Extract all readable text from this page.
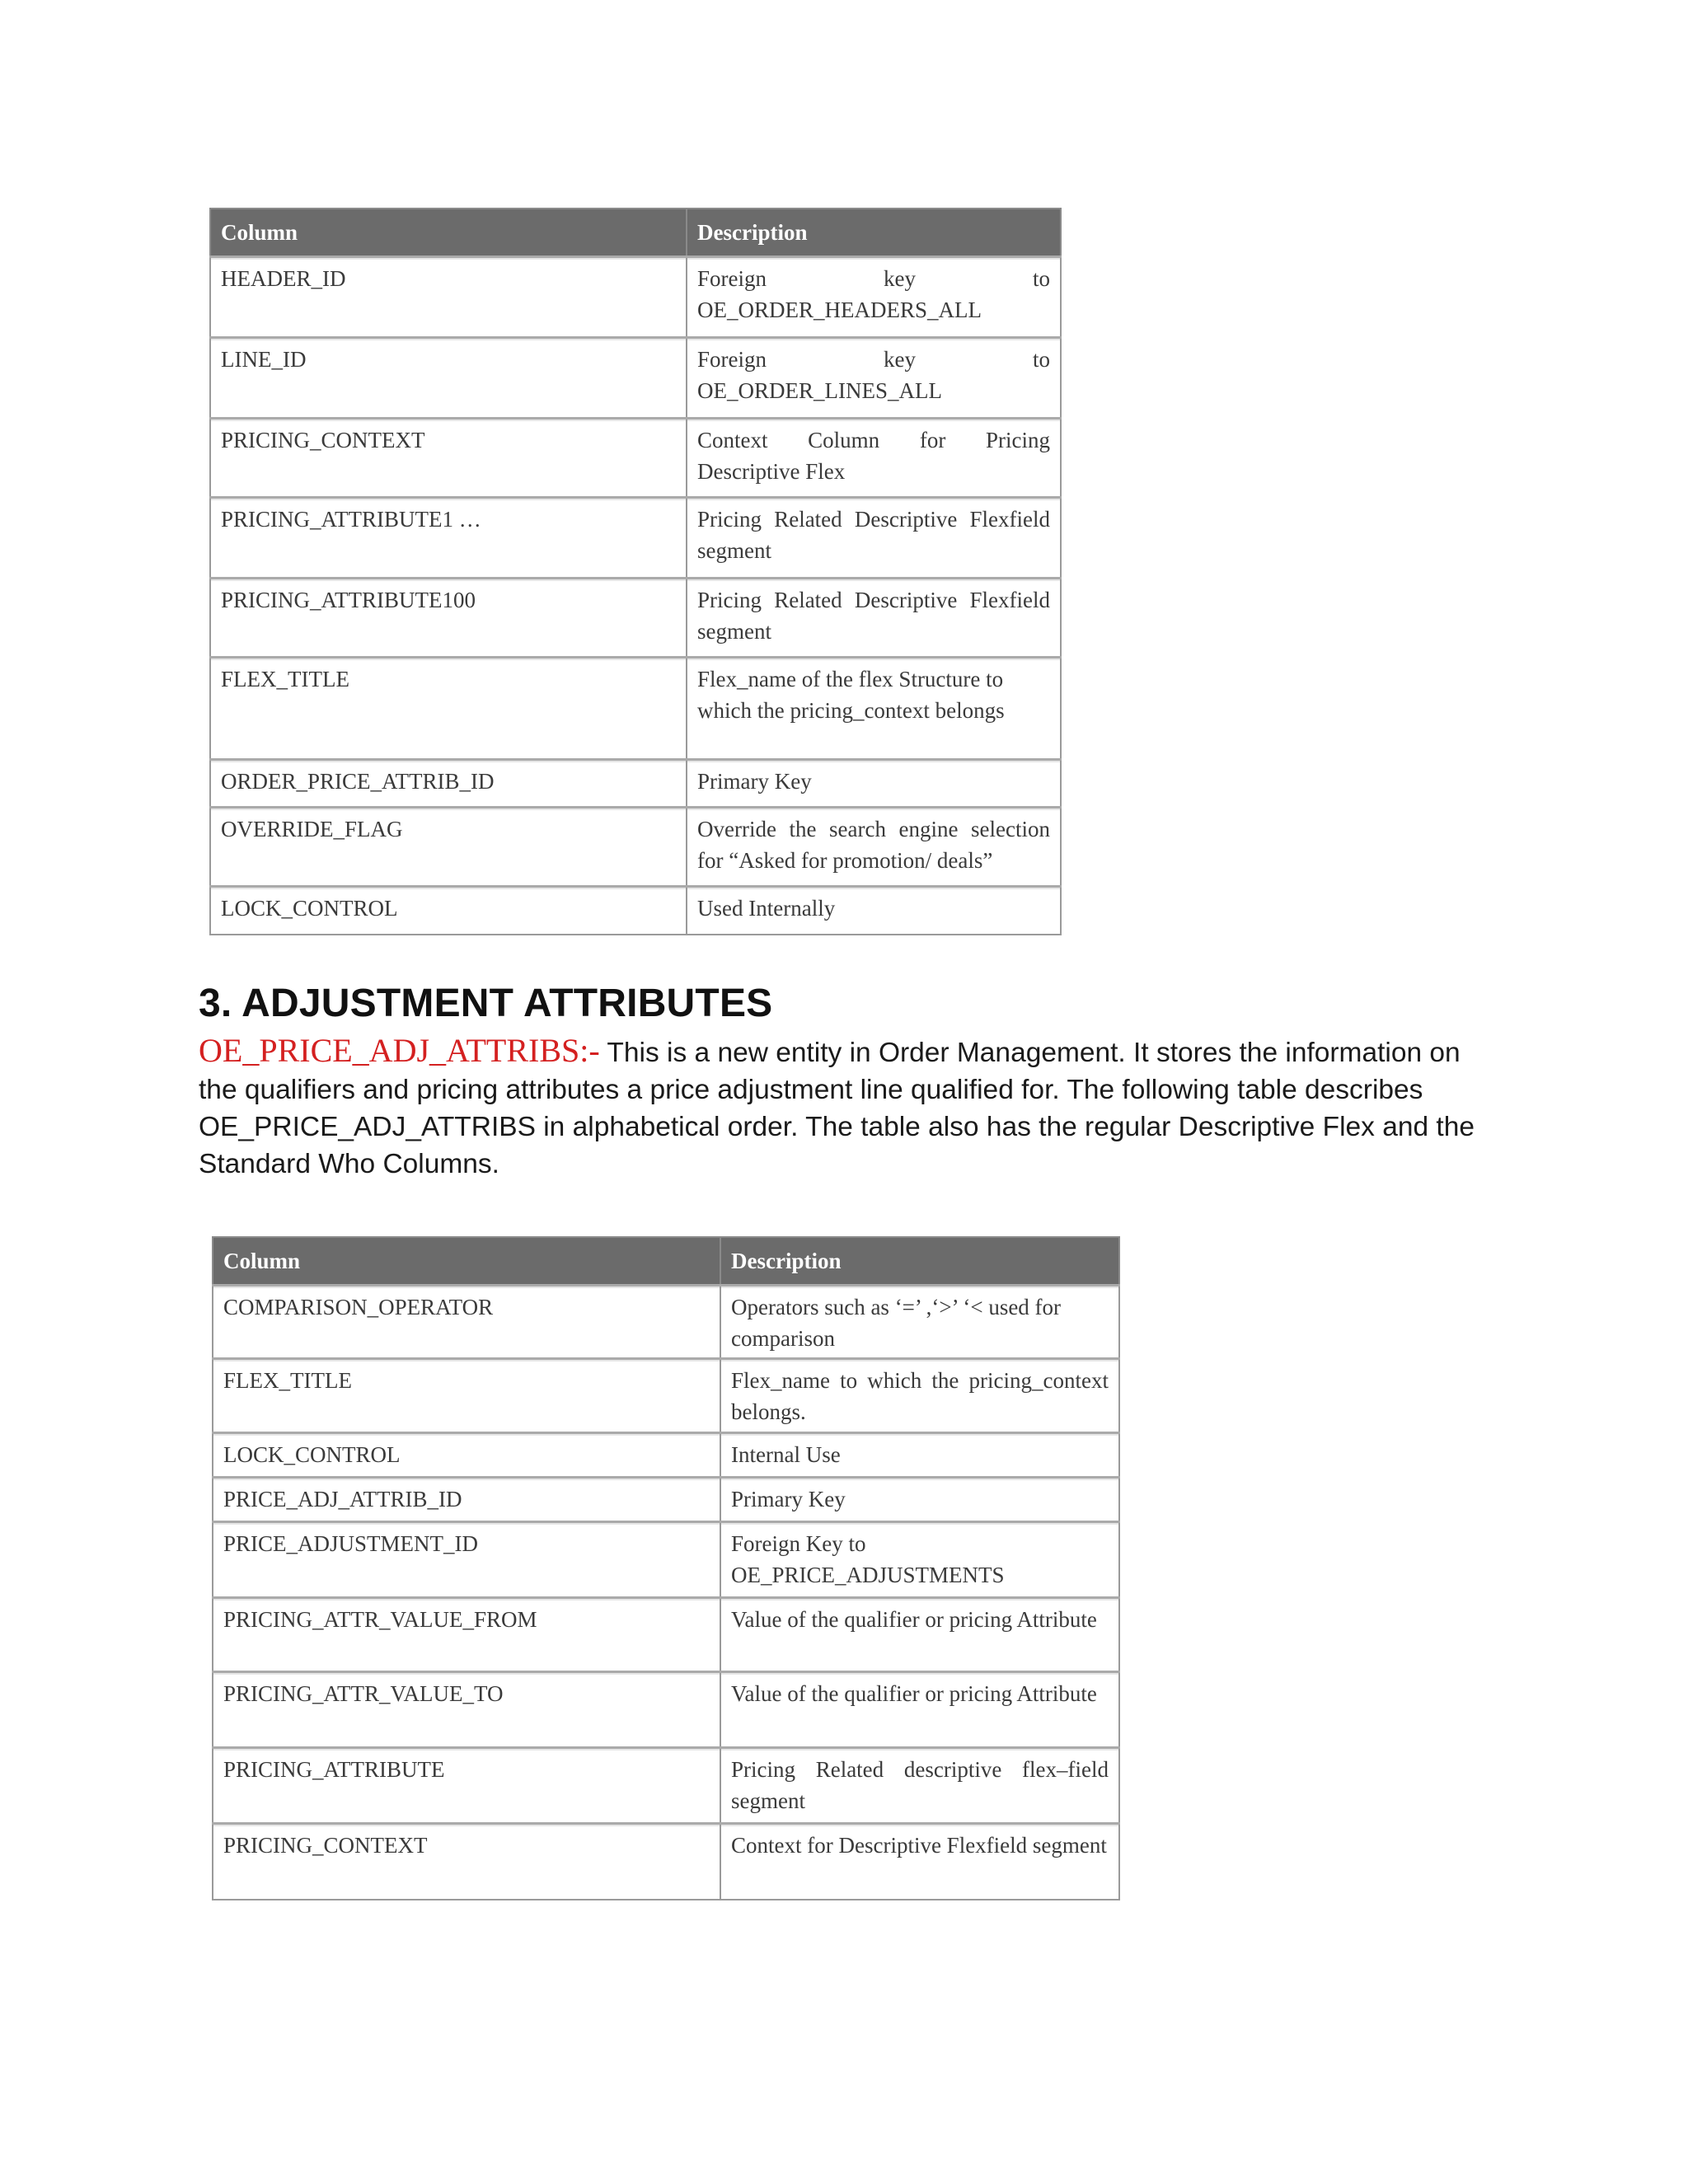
Column	Description
HEADER_ID	Foreign key to OE_ORDER_HEADERS_ALL
LINE_ID	Foreign key to OE_ORDER_LINES_ALL
PRICING_CONTEXT	Context Column for Pricing Descriptive Flex
PRICING_ATTRIBUTE1 …	Pricing Related Descriptive Flexfield segment
PRICING_ATTRIBUTE100	Pricing Related Descriptive Flexfield segment
FLEX_TITLE	Flex_name of the flex Structure to which the pricing_context belongs
ORDER_PRICE_ATTRIB_ID	Primary Key
OVERRIDE_FLAG	Override the search engine selection for “Asked for promotion/ deals”
LOCK_CONTROL	Used Internally
3. ADJUSTMENT ATTRIBUTES

OE_PRICE_ADJ_ATTRIBS:- This is a new entity in Order Management. It stores the information on the qualifiers and pricing attributes a price adjustment line qualified for. The following table describes OE_PRICE_ADJ_ATTRIBS in alphabetical order. The table also has the regular Descriptive Flex and the Standard Who Columns.

Column	Description
COMPARISON_OPERATOR	Operators such as ‘=’ ,‘>’ ‘< used for comparison
FLEX_TITLE	Flex_name to which the pricing_context belongs.
LOCK_CONTROL	Internal Use
PRICE_ADJ_ATTRIB_ID	Primary Key
PRICE_ADJUSTMENT_ID	Foreign Key to OE_PRICE_ADJUSTMENTS
PRICING_ATTR_VALUE_FROM	Value of the qualifier or pricing Attribute
PRICING_ATTR_VALUE_TO	Value of the qualifier or pricing Attribute
PRICING_ATTRIBUTE	Pricing Related descriptive flex–field segment
PRICING_CONTEXT	Context for Descriptive Flexfield segment
